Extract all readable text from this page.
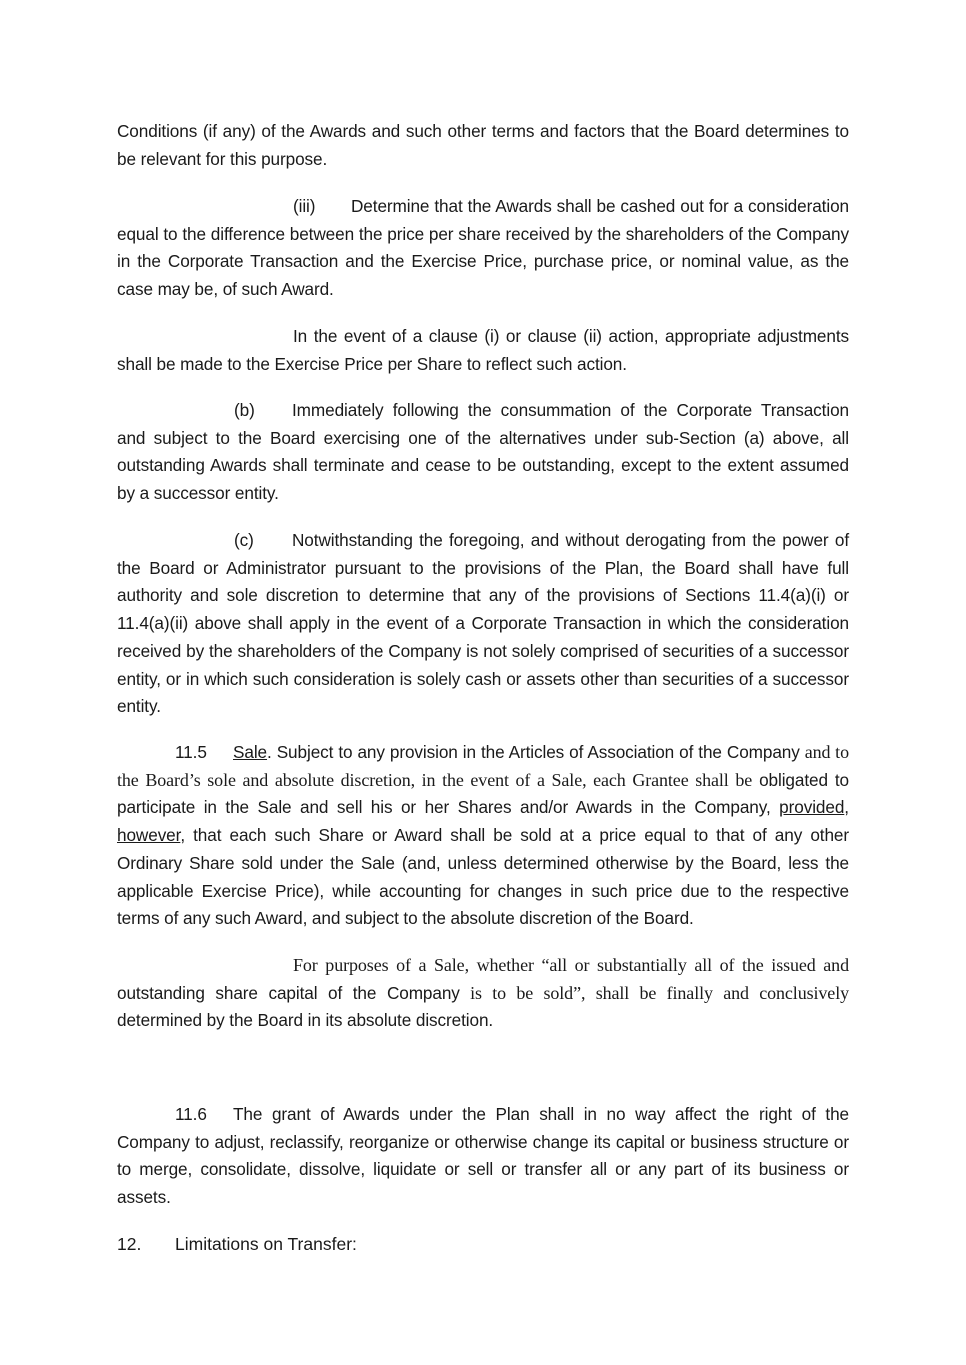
Conditions (if any) of the Awards and such other terms and factors that the Board determines to be relevant for this purpose.

(iii) Determine that the Awards shall be cashed out for a consideration equal to the difference between the price per share received by the shareholders of the Company in the Corporate Transaction and the Exercise Price, purchase price, or nominal value, as the case may be, of such Award.

In the event of a clause (i) or clause (ii) action, appropriate adjustments shall be made to the Exercise Price per Share to reflect such action.

(b) Immediately following the consummation of the Corporate Transaction and subject to the Board exercising one of the alternatives under sub-Section (a) above, all outstanding Awards shall terminate and cease to be outstanding, except to the extent assumed by a successor entity.

(c) Notwithstanding the foregoing, and without derogating from the power of the Board or Administrator pursuant to the provisions of the Plan, the Board shall have full authority and sole discretion to determine that any of the provisions of Sections 11.4(a)(i) or 11.4(a)(ii) above shall apply in the event of a Corporate Transaction in which the consideration received by the shareholders of the Company is not solely comprised of securities of a successor entity, or in which such consideration is solely cash or assets other than securities of a successor entity.

11.5 Sale. Subject to any provision in the Articles of Association of the Company and to the Board’s sole and absolute discretion, in the event of a Sale, each Grantee shall be obligated to participate in the Sale and sell his or her Shares and/or Awards in the Company, provided, however, that each such Share or Award shall be sold at a price equal to that of any other Ordinary Share sold under the Sale (and, unless determined otherwise by the Board, less the applicable Exercise Price), while accounting for changes in such price due to the respective terms of any such Award, and subject to the absolute discretion of the Board.

For purposes of a Sale, whether “all or substantially all of the issued and outstanding share capital of the Company is to be sold”, shall be finally and conclusively determined by the Board in its absolute discretion.

11.6 The grant of Awards under the Plan shall in no way affect the right of the Company to adjust, reclassify, reorganize or otherwise change its capital or business structure or to merge, consolidate, dissolve, liquidate or sell or transfer all or any part of its business or assets.

12. Limitations on Transfer:
